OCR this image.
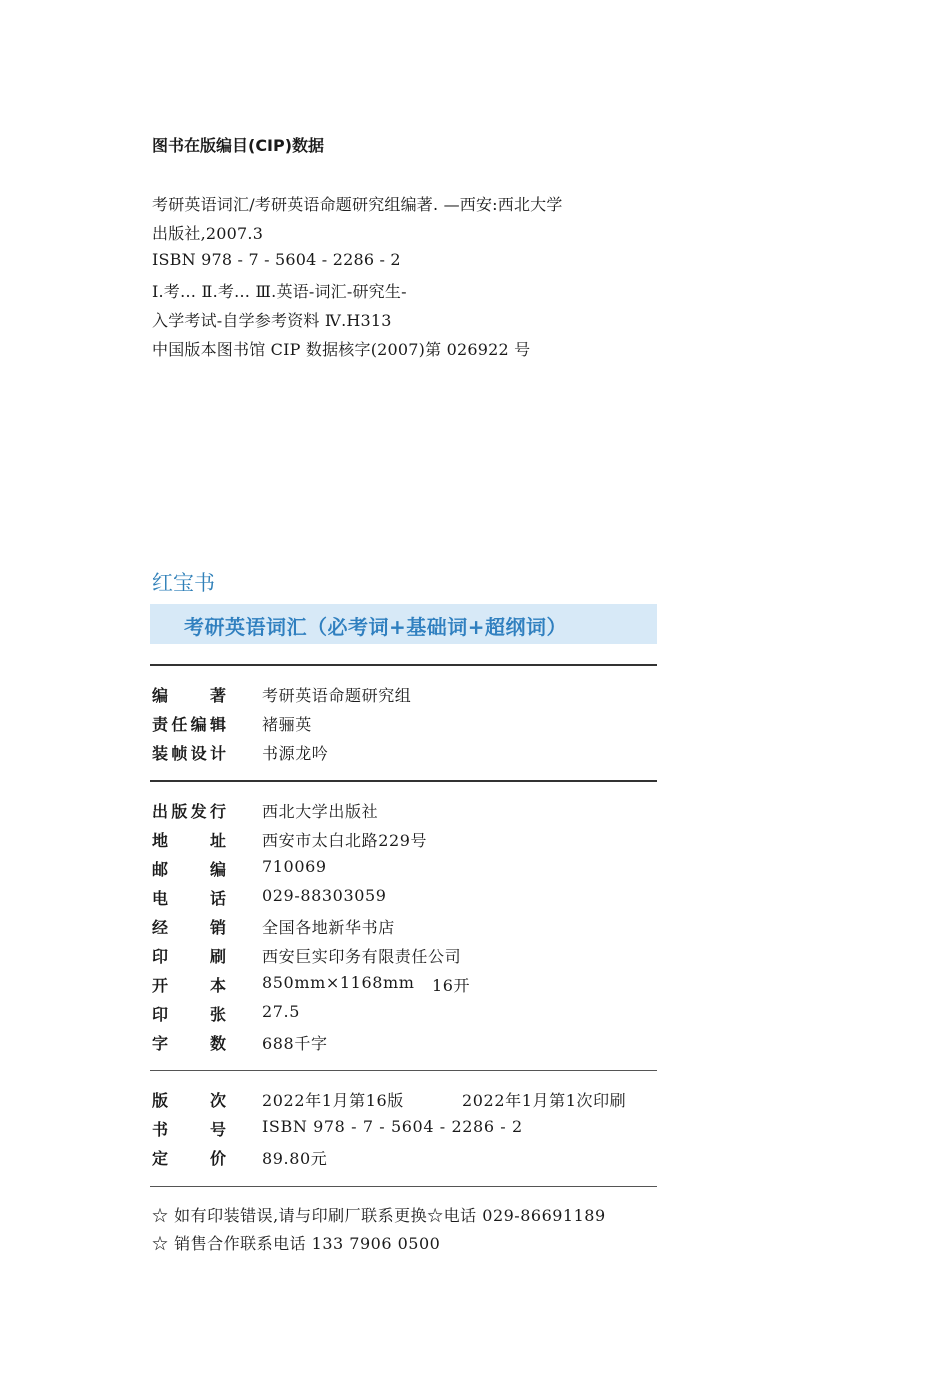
图书在版编目(CIP)数据
考研英语词汇/考研英语命题研究组编著. —西安:西北大学
出版社,2007.3
ISBN 978 - 7 - 5604 - 2286 - 2
Ⅰ.考… Ⅱ.考… Ⅲ.英语-词汇-研究生-
入学考试-自学参考资料 Ⅳ.H313
中国版本图书馆 CIP 数据核字(2007)第 026922 号
红宝书
考研英语词汇（必考词+基础词+超纲词）
编著 考研英语命题研究组
责任编辑 褚骊英
装帧设计 书源龙吟
出版发行 西北大学出版社
地址 西安市太白北路229号
邮编 710069
电话 029-88303059
经销 全国各地新华书店
印刷 西安巨实印务有限责任公司
开本 850mm×1168mm 16开
印张 27.5
字数 688千字
版次 2022年1月第16版	2022年1月第1次印刷
书号 ISBN 978 - 7 - 5604 - 2286 - 2
定价 89.80元
☆ 如有印装错误,请与印刷厂联系更换☆电话 029-86691189
☆ 销售合作联系电话 133 7906 0500
